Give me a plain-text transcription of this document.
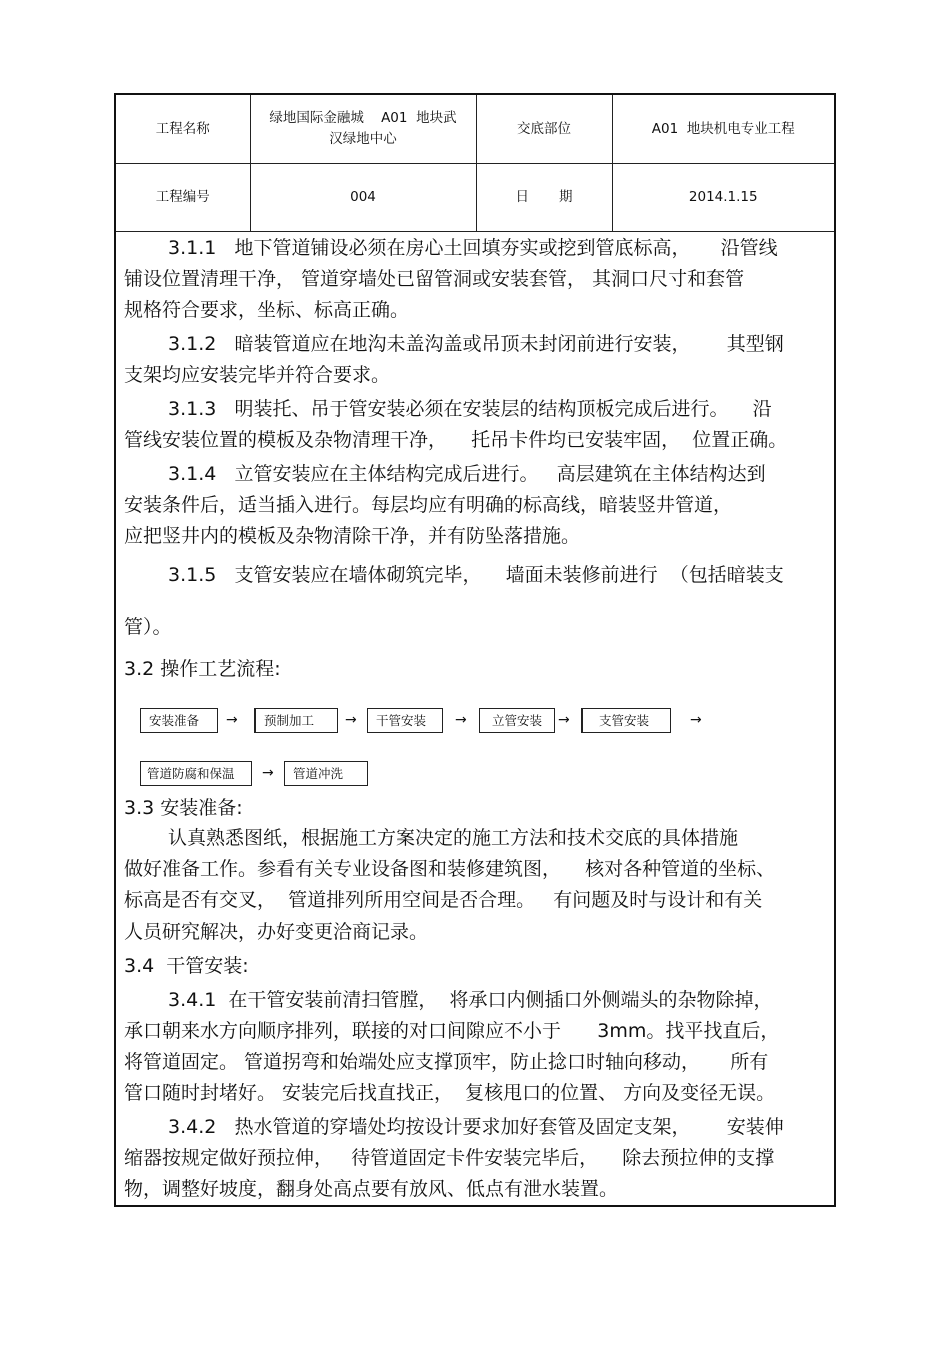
工程名称	绿地国际金融城    A01  地块武
汉绿地中心	交底部位	A01  地块机电专业工程
工程编号	004	日       期	2014.1.15

3.1.1   地下管道铺设必须在房心土回填夯实或挖到管底标高，     沿管线

铺设位置清理干净， 管道穿墙处已留管洞或安装套管， 其洞口尺寸和套管

规格符合要求，坐标、标高正确。

3.1.2   暗装管道应在地沟未盖沟盖或吊顶未封闭前进行安装，      其型钢

支架均应安装完毕并符合要求。

3.1.3   明装托、吊于管安装必须在安装层的结构顶板完成后进行。    沿

管线安装位置的模板及杂物清理干净，    托吊卡件均已安装牢固，  位置正确。

3.1.4   立管安装应在主体结构完成后进行。   高层建筑在主体结构达到

安装条件后，适当插入进行。每层均应有明确的标高线，暗装竖井管道，

应把竖井内的模板及杂物清除干净，并有防坠落措施。

3.1.5   支管安装应在墙体砌筑完毕，    墙面未装修前进行  （包括暗装支

管）。

3.2 操作工艺流程:

安装准备	→	预制加工	→	干管安装	→	立管安装	→	支管安装	→
管道防腐和保温	→	管道冲洗

3.3 安装准备:

认真熟悉图纸，根据施工方案决定的施工方法和技术交底的具体措施

做好准备工作。参看有关专业设备图和装修建筑图，    核对各种管道的坐标、

标高是否有交叉，  管道排列所用空间是否合理。   有问题及时与设计和有关

人员研究解决，办好变更洽商记录。

3.4  干管安装:

3.4.1  在干管安装前清扫管膛，  将承口内侧插口外侧端头的杂物除掉，

承口朝来水方向顺序排列，联接的对口间隙应不小于      3mm。找平找直后，

将管道固定。 管道拐弯和始端处应支撑顶牢，防止捻口时轴向移动，     所有

管口随时封堵好。 安装完后找直找正，  复核甩口的位置、 方向及变径无误。

3.4.2   热水管道的穿墙处均按设计要求加好套管及固定支架，      安装伸

缩器按规定做好预拉伸，   待管道固定卡件安装完毕后，    除去预拉伸的支撑

物，调整好坡度，翻身处高点要有放风、低点有泄水装置。
